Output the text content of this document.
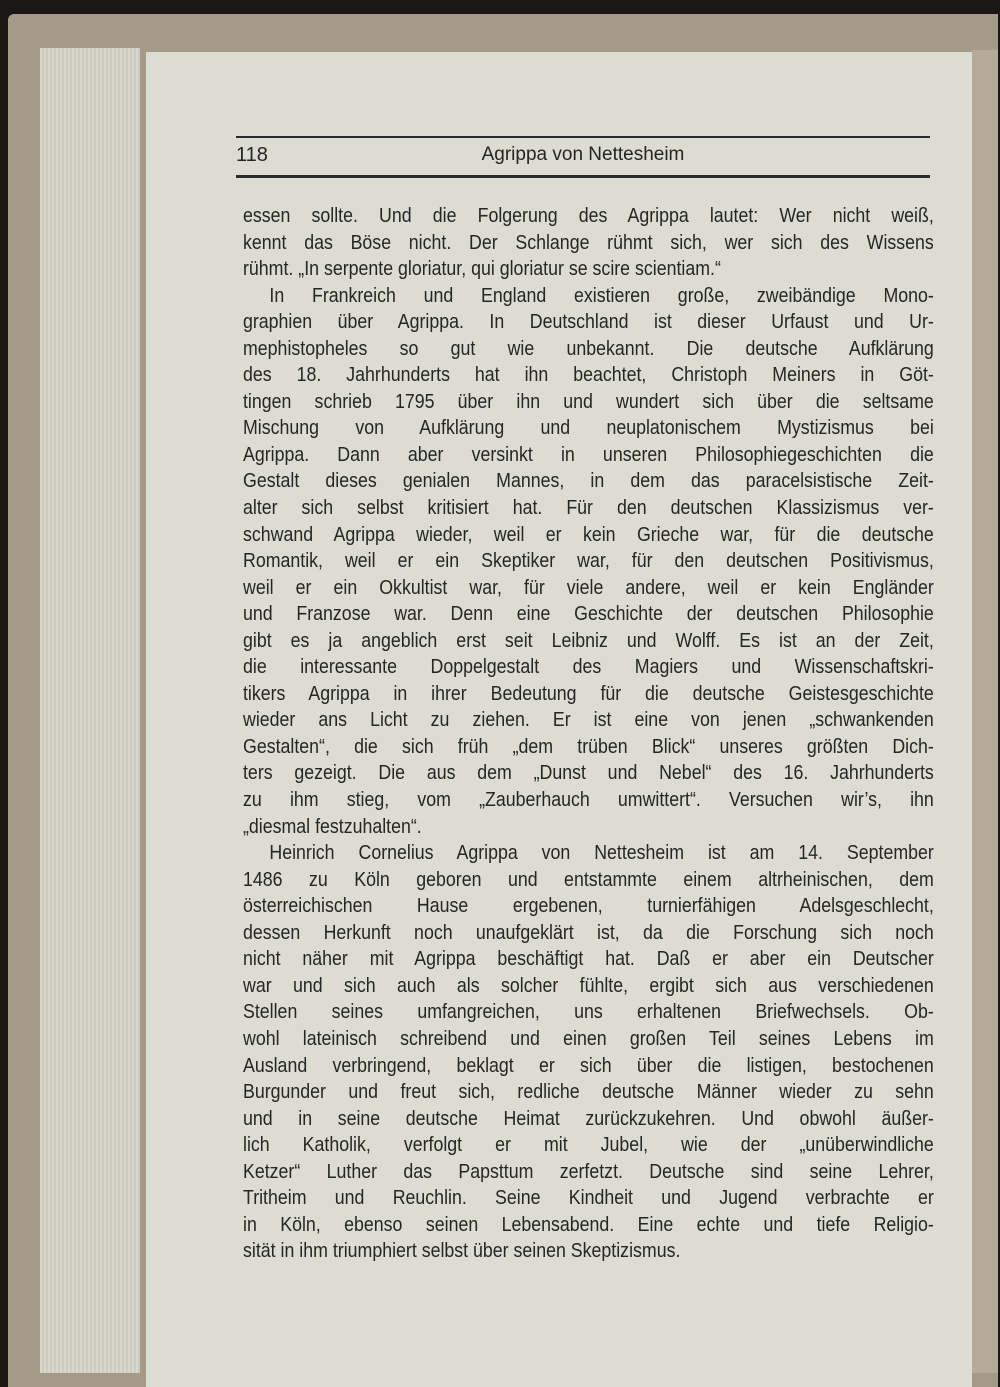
118	Agrippa von Nettesheim
essen sollte. Und die Folgerung des Agrippa lautet: Wer nicht weiß,
kennt das Böse nicht. Der Schlange rühmt sich, wer sich des Wissens
rühmt. „In serpente gloriatur, qui gloriatur se scire scientiam.“
In Frankreich und England existieren große, zweibändige Mono-
graphien über Agrippa. In Deutschland ist dieser Urfaust und Ur-
mephistopheles so gut wie unbekannt. Die deutsche Aufklärung
des 18. Jahrhunderts hat ihn beachtet, Christoph Meiners in Göt-
tingen schrieb 1795 über ihn und wundert sich über die seltsame
Mischung von Aufklärung und neuplatonischem Mystizismus bei
Agrippa. Dann aber versinkt in unseren Philosophiegeschichten die
Gestalt dieses genialen Mannes, in dem das paracelsistische Zeit-
alter sich selbst kritisiert hat. Für den deutschen Klassizismus ver-
schwand Agrippa wieder, weil er kein Grieche war, für die deutsche
Romantik, weil er ein Skeptiker war, für den deutschen Positivismus,
weil er ein Okkultist war, für viele andere, weil er kein Engländer
und Franzose war. Denn eine Geschichte der deutschen Philosophie
gibt es ja angeblich erst seit Leibniz und Wolff. Es ist an der Zeit,
die interessante Doppelgestalt des Magiers und Wissenschaftskri-
tikers Agrippa in ihrer Bedeutung für die deutsche Geistesgeschichte
wieder ans Licht zu ziehen. Er ist eine von jenen „schwankenden
Gestalten“, die sich früh „dem trüben Blick“ unseres größten Dich-
ters gezeigt. Die aus dem „Dunst und Nebel“ des 16. Jahrhunderts
zu ihm stieg, vom „Zauberhauch umwittert“. Versuchen wir’s, ihn
„diesmal festzuhalten“.
Heinrich Cornelius Agrippa von Nettesheim ist am 14. September
1486 zu Köln geboren und entstammte einem altrheinischen, dem
österreichischen Hause ergebenen, turnierfähigen Adelsgeschlecht,
dessen Herkunft noch unaufgeklärt ist, da die Forschung sich noch
nicht näher mit Agrippa beschäftigt hat. Daß er aber ein Deutscher
war und sich auch als solcher fühlte, ergibt sich aus verschiedenen
Stellen seines umfangreichen, uns erhaltenen Briefwechsels. Ob-
wohl lateinisch schreibend und einen großen Teil seines Lebens im
Ausland verbringend, beklagt er sich über die listigen, bestochenen
Burgunder und freut sich, redliche deutsche Männer wieder zu sehn
und in seine deutsche Heimat zurückzukehren. Und obwohl äußer-
lich Katholik, verfolgt er mit Jubel, wie der „unüberwindliche
Ketzer“ Luther das Papsttum zerfetzt. Deutsche sind seine Lehrer,
Tritheim und Reuchlin. Seine Kindheit und Jugend verbrachte er
in Köln, ebenso seinen Lebensabend. Eine echte und tiefe Religio-
sität in ihm triumphiert selbst über seinen Skeptizismus.
